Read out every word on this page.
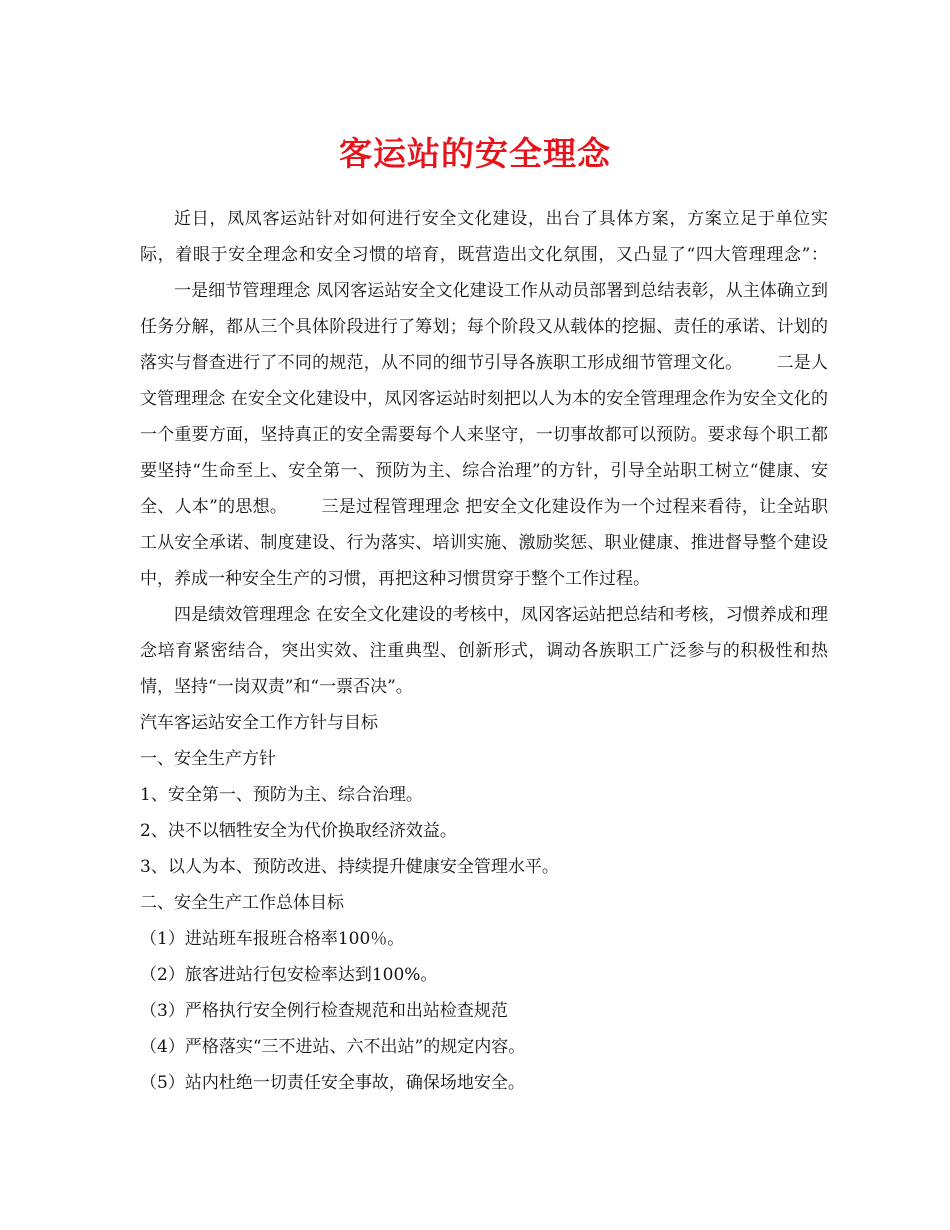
客运站的安全理念

近日，凤凤客运站针对如何进行安全文化建设，出台了具体方案，方案立足于单位实际，着眼于安全理念和安全习惯的培育，既营造出文化氛围，又凸显了“四大管理理念”：一是细节管理理念 凤冈客运站安全文化建设工作从动员部署到总结表彰，从主体确立到任务分解，都从三个具体阶段进行了筹划；每个阶段又从载体的挖掘、责任的承诺、计划的落实与督查进行了不同的规范，从不同的细节引导各族职工形成细节管理文化。 二是人文管理理念 在安全文化建设中，凤冈客运站时刻把以人为本的安全管理理念作为安全文化的一个重要方面，坚持真正的安全需要每个人来坚守，一切事故都可以预防。要求每个职工都要坚持“生命至上、安全第一、预防为主、综合治理”的方针，引导全站职工树立“健康、安全、人本”的思想。 三是过程管理理念 把安全文化建设作为一个过程来看待，让全站职工从安全承诺、制度建设、行为落实、培训实施、激励奖惩、职业健康、推进督导整个建设中，养成一种安全生产的习惯，再把这种习惯贯穿于整个工作过程。

四是绩效管理理念 在安全文化建设的考核中，凤冈客运站把总结和考核，习惯养成和理念培育紧密结合，突出实效、注重典型、创新形式，调动各族职工广泛参与的积极性和热情，坚持“一岗双责”和“一票否决”。

汽车客运站安全工作方针与目标

一、安全生产方针

1、安全第一、预防为主、综合治理。

2、决不以牺牲安全为代价换取经济效益。

3、以人为本、预防改进、持续提升健康安全管理水平。

二、安全生产工作总体目标

（1）进站班车报班合格率100％。

（2）旅客进站行包安检率达到100%。

（3）严格执行安全例行检查规范和出站检查规范

（4）严格落实“三不进站、六不出站”的规定内容。

（5）站内杜绝一切责任安全事故，确保场地安全。
